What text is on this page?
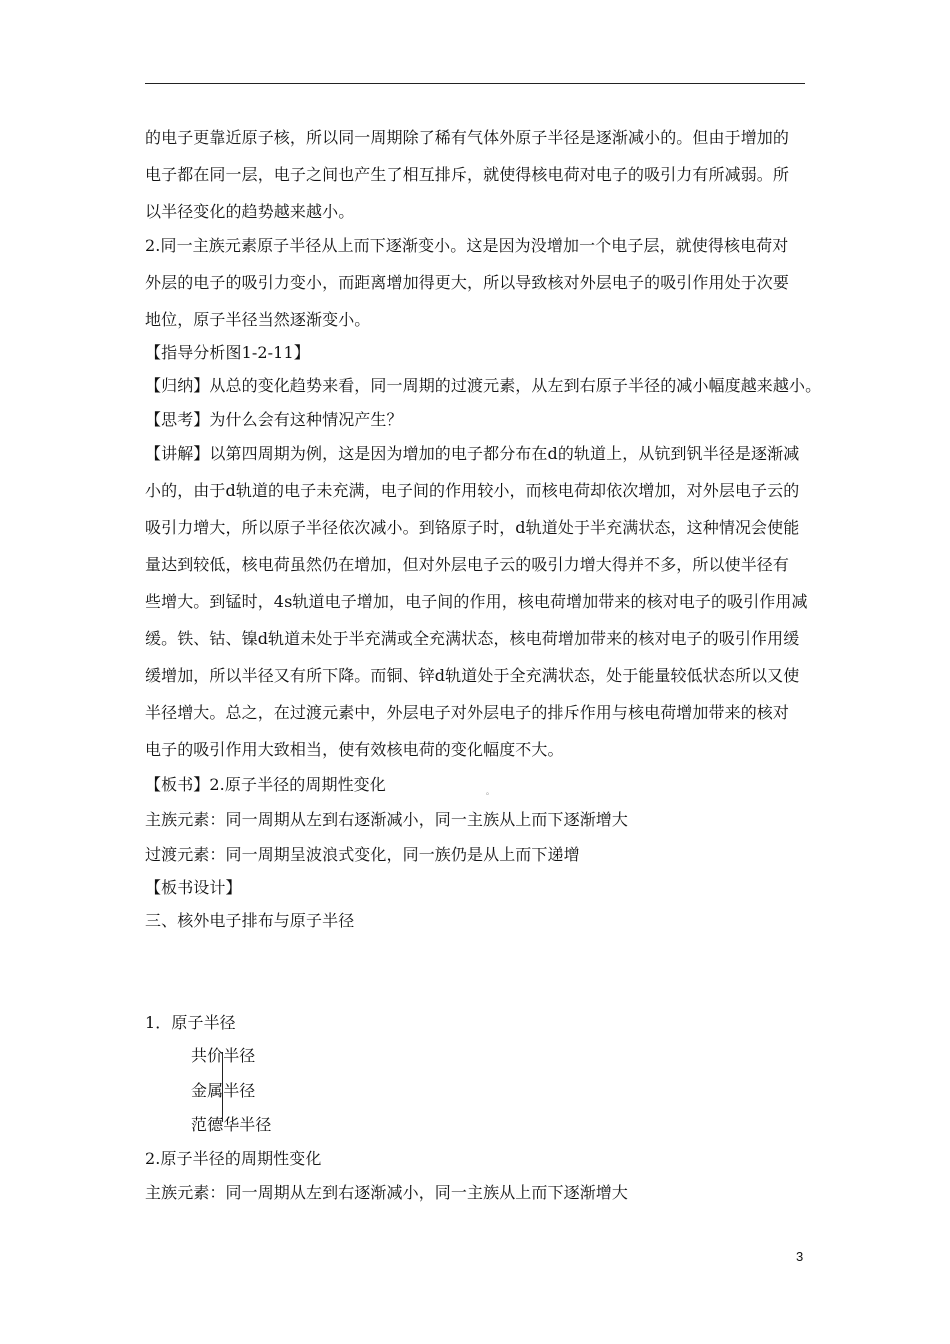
的电子更靠近原子核，所以同一周期除了稀有气体外原子半径是逐渐减小的。但由于增加的
电子都在同一层，电子之间也产生了相互排斥，就使得核电荷对电子的吸引力有所减弱。所
以半径变化的趋势越来越小。
2.同一主族元素原子半径从上而下逐渐变小。这是因为没增加一个电子层，就使得核电荷对
外层的电子的吸引力变小，而距离增加得更大，所以导致核对外层电子的吸引作用处于次要
地位，原子半径当然逐渐变小。
【指导分析图1-2-11】
【归纳】从总的变化趋势来看，同一周期的过渡元素，从左到右原子半径的减小幅度越来越小。
【思考】为什么会有这种情况产生？
【讲解】以第四周期为例，这是因为增加的电子都分布在d的轨道上，从钪到钒半径是逐渐减
小的，由于d轨道的电子未充满，电子间的作用较小，而核电荷却依次增加，对外层电子云的
吸引力增大，所以原子半径依次减小。到铬原子时，d轨道处于半充满状态，这种情况会使能
量达到较低，核电荷虽然仍在增加，但对外层电子云的吸引力增大得并不多，所以使半径有
些增大。到锰时，4s轨道电子增加，电子间的作用，核电荷增加带来的核对电子的吸引作用减
缓。铁、钴、镍d轨道未处于半充满或全充满状态，核电荷增加带来的核对电子的吸引作用缓
缓增加，所以半径又有所下降。而铜、锌d轨道处于全充满状态，处于能量较低状态所以又使
半径增大。总之，在过渡元素中，外层电子对外层电子的排斥作用与核电荷增加带来的核对
电子的吸引作用大致相当，使有效核电荷的变化幅度不大。
【板书】2.原子半径的周期性变化	。
主族元素：同一周期从左到右逐渐减小，同一主族从上而下逐渐增大
过渡元素：同一周期呈波浪式变化，同一族仍是从上而下递增
【板书设计】
三、核外电子排布与原子半径
1．原子半径
共价半径
金属半径
范德华半径
2.原子半径的周期性变化
主族元素：同一周期从左到右逐渐减小，同一主族从上而下逐渐增大
3
